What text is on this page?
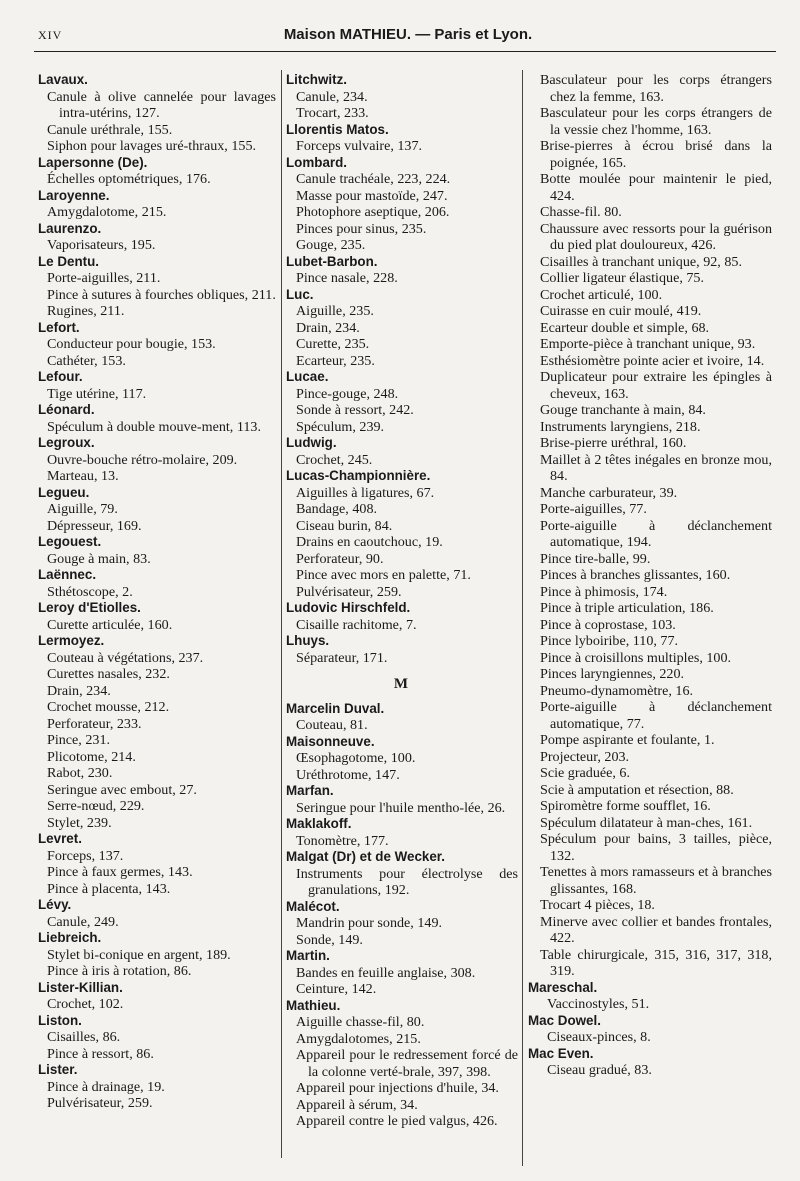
XIV	Maison MATHIEU. — Paris et Lyon.
Lavaux.
Canule à olive cannelée pour lavages intra-utérins, 127.
Canule uréthrale, 155.
Siphon pour lavages uré-thraux, 155.
Lapersonne (De).
Échelles optométriques, 176.
Laroyenne.
Amygdalotome, 215.
Laurenzo.
Vaporisateurs, 195.
Le Dentu.
Porte-aiguilles, 211.
Pince à sutures à fourches obliques, 211.
Rugines, 211.
Lefort.
Conducteur pour bougie, 153.
Cathéter, 153.
Lefour.
Tige utérine, 117.
Léonard.
Spéculum à double mouve-ment, 113.
Legroux.
Ouvre-bouche rétro-molaire, 209.
Marteau, 13.
Legueu.
Aiguille, 79.
Dépresseur, 169.
Legouest.
Gouge à main, 83.
Laënnec.
Sthétoscope, 2.
Leroy d'Etiolles.
Curette articulée, 160.
Lermoyez.
Couteau à végétations, 237.
Curettes nasales, 232.
Drain, 234.
Crochet mousse, 212.
Perforateur, 233.
Pince, 231.
Plicotome, 214.
Rabot, 230.
Seringue avec embout, 27.
Serre-nœud, 229.
Stylet, 239.
Levret.
Forceps, 137.
Pince à faux germes, 143.
Pince à placenta, 143.
Lévy.
Canule, 249.
Liebreich.
Stylet bi-conique en argent, 189.
Pince à iris à rotation, 86.
Lister-Killian.
Crochet, 102.
Liston.
Cisailles, 86.
Pince à ressort, 86.
Lister.
Pince à drainage, 19.
Pulvérisateur, 259.
Litchwitz.
Canule, 234.
Trocart, 233.
Llorentis Matos.
Forceps vulvaire, 137.
Lombard.
Canule trachéale, 223, 224.
Masse pour mastoïde, 247.
Photophore aseptique, 206.
Pinces pour sinus, 235.
Gouge, 235.
Lubet-Barbon.
Pince nasale, 228.
Luc.
Aiguille, 235.
Drain, 234.
Curette, 235.
Ecarteur, 235.
Lucae.
Pince-gouge, 248.
Sonde à ressort, 242.
Spéculum, 239.
Ludwig.
Crochet, 245.
Lucas-Championnière.
Aiguilles à ligatures, 67.
Bandage, 408.
Ciseau burin, 84.
Drains en caoutchouc, 19.
Perforateur, 90.
Pince avec mors en palette, 71.
Pulvérisateur, 259.
Ludovic Hirschfeld.
Cisaille rachitome, 7.
Lhuys.
Séparateur, 171.
M
Marcelin Duval.
Couteau, 81.
Maisonneuve.
Œsophagotome, 100.
Uréthrotome, 147.
Marfan.
Seringue pour l'huile mentho-lée, 26.
Maklakoff.
Tonomètre, 177.
Malgat (Dr) et de Wecker.
Instruments pour électrolyse des granulations, 192.
Malécot.
Mandrin pour sonde, 149.
Sonde, 149.
Martin.
Bandes en feuille anglaise, 308.
Ceinture, 142.
Mathieu.
Aiguille chasse-fil, 80.
Amygdalotomes, 215.
Appareil pour le redressement forcé de la colonne verté-brale, 397, 398.
Appareil pour injections d'huile, 34.
Appareil à sérum, 34.
Appareil contre le pied valgus, 426.
Basculateur pour les corps étrangers chez la femme, 163.
Basculateur pour les corps étrangers de la vessie chez l'homme, 163.
Brise-pierres à écrou brisé dans la poignée, 165.
Botte moulée pour maintenir le pied, 424.
Chasse-fil. 80.
Chaussure avec ressorts pour la guérison du pied plat douloureux, 426.
Cisailles à tranchant unique, 92, 85.
Collier ligateur élastique, 75.
Crochet articulé, 100.
Cuirasse en cuir moulé, 419.
Ecarteur double et simple, 68.
Emporte-pièce à tranchant unique, 93.
Esthésiomètre pointe acier et ivoire, 14.
Duplicateur pour extraire les épingles à cheveux, 163.
Gouge tranchante à main, 84.
Instruments laryngiens, 218.
Brise-pierre uréthral, 160.
Maillet à 2 têtes inégales en bronze mou, 84.
Manche carburateur, 39.
Porte-aiguilles, 77.
Porte-aiguille à déclanchement automatique, 194.
Pince tire-balle, 99.
Pinces à branches glissantes, 160.
Pince à phimosis, 174.
Pince à triple articulation, 186.
Pince à coprostase, 103.
Pince lyboiribe, 110, 77.
Pince à croisillons multiples, 100.
Pinces laryngiennes, 220.
Pneumo-dynamomètre, 16.
Porte-aiguille à déclanchement automatique, 77.
Pompe aspirante et foulante, 1.
Projecteur, 203.
Scie graduée, 6.
Scie à amputation et résection, 88.
Spiromètre forme soufflet, 16.
Spéculum dilatateur à man-ches, 161.
Spéculum pour bains, 3 tailles, pièce, 132.
Tenettes à mors ramasseurs et à branches glissantes, 168.
Trocart 4 pièces, 18.
Minerve avec collier et bandes frontales, 422.
Table chirurgicale, 315, 316, 317, 318, 319.
Mareschal.
Vaccinostyles, 51.
Mac Dowel.
Ciseaux-pinces, 8.
Mac Even.
Ciseau gradué, 83.
